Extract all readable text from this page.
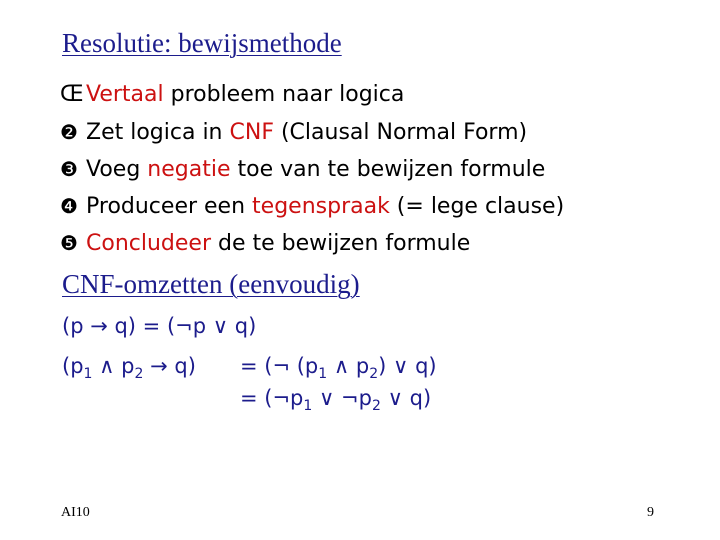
Resolutie: bewijsmethode
Œ Vertaal probleem naar logica
❷ Zet logica in CNF (Clausal Normal Form)
❸ Voeg negatie toe van te bewijzen formule
❹ Produceer een tegenspraak (= lege clause)
❺ Concludeer de te bewijzen formule
CNF-omzetten (eenvoudig)
(p → q) = (¬p ∨ q)
($p_1$ ∧ $p_2 \to q$) = (¬ ($p_1$ ∧ $p_2$) ∨ q)
= ($\neg p_1$ ∨ $\neg p_2$ ∨ q)
AI10	9
